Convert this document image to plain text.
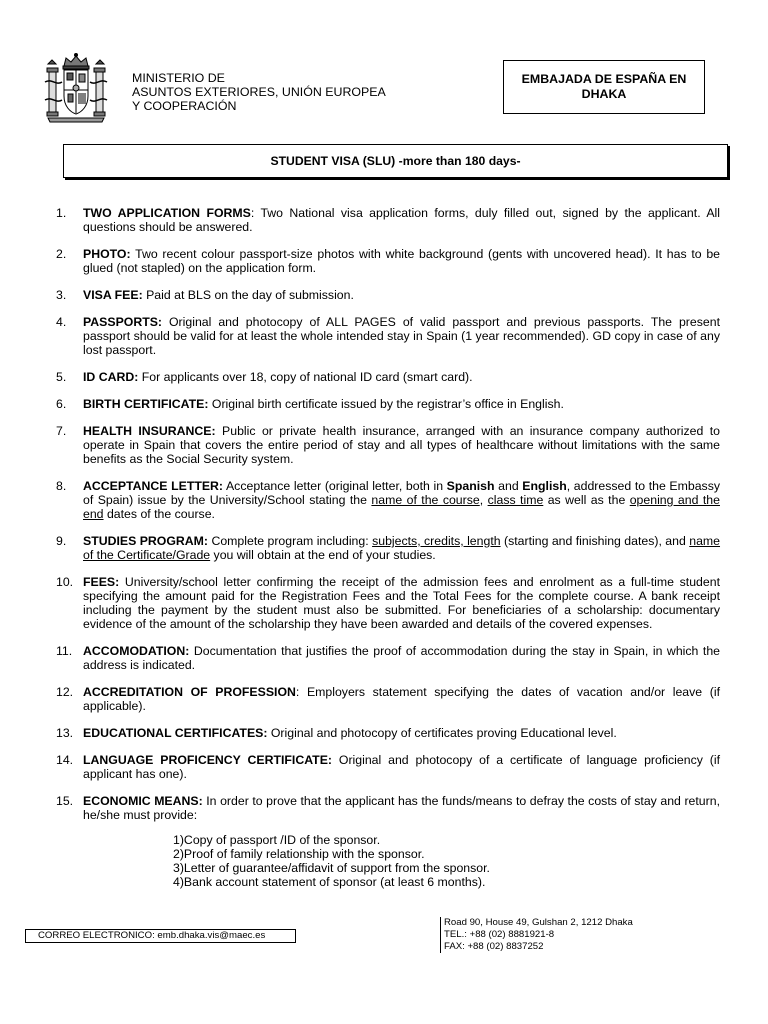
MINISTERIO DE
ASUNTOS EXTERIORES, UNIÓN EUROPEA
Y COOPERACIÓN
EMBAJADA DE ESPAÑA EN
DHAKA
STUDENT VISA (SLU) -more than 180 days-
1.	TWO APPLICATION FORMS: Two National visa application forms, duly filled out, signed by the applicant. All questions should be answered.
2.	PHOTO: Two recent colour passport-size photos with white background (gents with uncovered head). It has to be glued (not stapled) on the application form.
3.	VISA FEE: Paid at BLS on the day of submission.
4.	PASSPORTS: Original and photocopy of ALL PAGES of valid passport and previous passports. The present passport should be valid for at least the whole intended stay in Spain (1 year recommended). GD copy in case of any lost passport.
5.	ID CARD: For applicants over 18, copy of national ID card (smart card).
6.	BIRTH CERTIFICATE: Original birth certificate issued by the registrar’s office in English.
7.	HEALTH INSURANCE: Public or private health insurance, arranged with an insurance company authorized to operate in Spain that covers the entire period of stay and all types of healthcare without limitations with the same benefits as the Social Security system.
8.	ACCEPTANCE LETTER: Acceptance letter (original letter, both in Spanish and English, addressed to the Embassy of Spain) issue by the University/School stating the name of the course, class time as well as the opening and the end dates of the course.
9.	STUDIES PROGRAM: Complete program including: subjects, credits, length (starting and finishing dates), and name of the Certificate/Grade you will obtain at the end of your studies.
10. FEES: University/school letter confirming the receipt of the admission fees and enrolment as a full-time student specifying the amount paid for the Registration Fees and the Total Fees for the complete course. A bank receipt including the payment by the student must also be submitted. For beneficiaries of a scholarship: documentary evidence of the amount of the scholarship they have been awarded and details of the covered expenses.
11. ACCOMODATION: Documentation that justifies the proof of accommodation during the stay in Spain, in which the address is indicated.
12. ACCREDITATION OF PROFESSION: Employers statement specifying the dates of vacation and/or leave (if applicable).
13. EDUCATIONAL CERTIFICATES: Original and photocopy of certificates proving Educational level.
14. LANGUAGE PROFICENCY CERTIFICATE: Original and photocopy of a certificate of language proficiency (if applicant has one).
15. ECONOMIC MEANS: In order to prove that the applicant has the funds/means to defray the costs of stay and return, he/she must provide:
1)Copy of passport /ID of the sponsor.
2)Proof of family relationship with the sponsor.
3)Letter of guarantee/affidavit of support from the sponsor.
4)Bank account statement of sponsor (at least 6 months).
CORREO ELECTRONICO: emb.dhaka.vis@maec.es
Road 90, House 49, Gulshan 2, 1212 Dhaka
TEL.: +88 (02) 8881921-8
FAX: +88 (02) 8837252
